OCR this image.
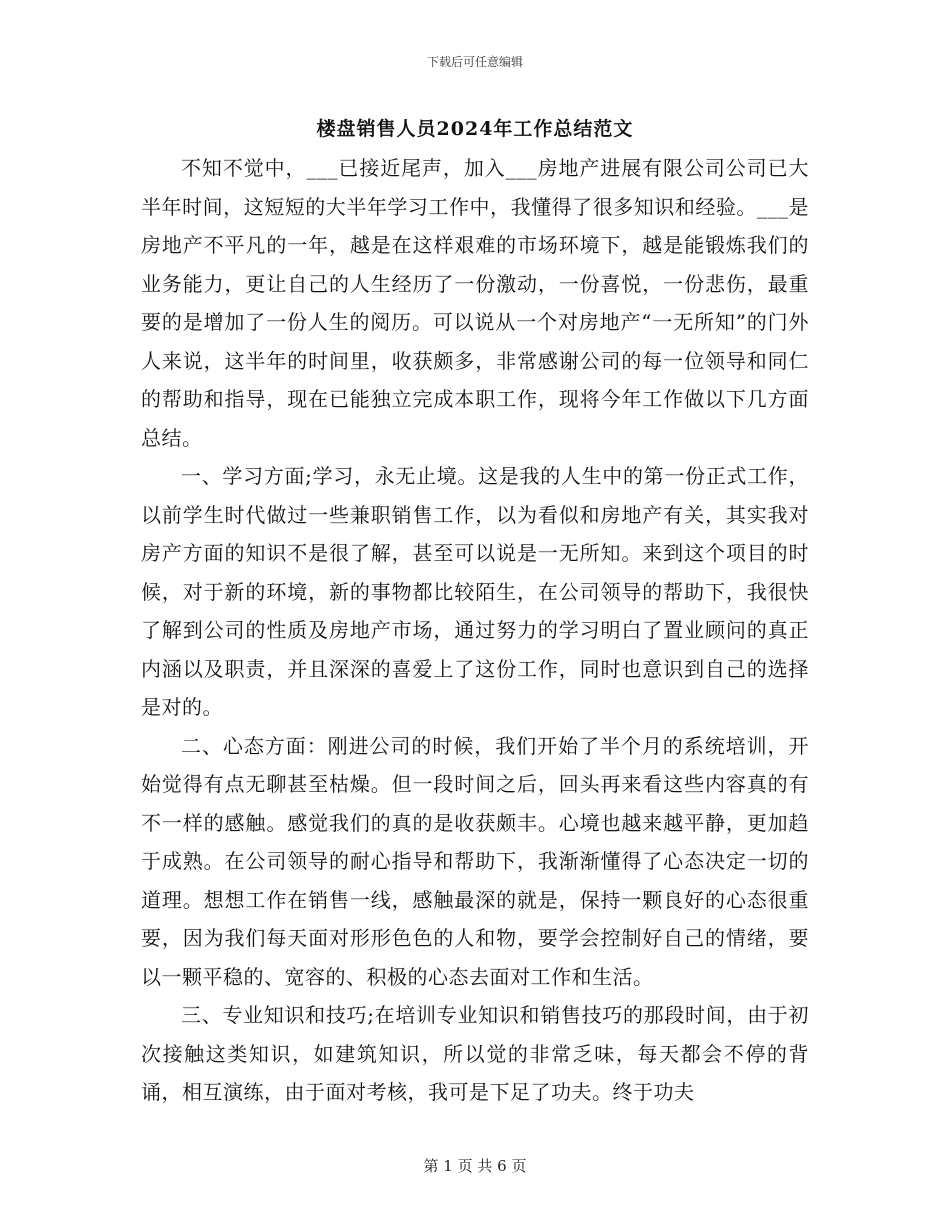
下载后可任意编辑
楼盘销售人员2024年工作总结范文

不知不觉中，___已接近尾声，加入___房地产进展有限公司公司已大半年时间，这短短的大半年学习工作中，我懂得了很多知识和经验。___是房地产不平凡的一年，越是在这样艰难的市场环境下，越是能锻炼我们的业务能力，更让自己的人生经历了一份激动，一份喜悦，一份悲伤，最重要的是增加了一份人生的阅历。可以说从一个对房地产“一无所知”的门外人来说，这半年的时间里，收获颇多，非常感谢公司的每一位领导和同仁的帮助和指导，现在已能独立完成本职工作，现将今年工作做以下几方面总结。

一、学习方面;学习，永无止境。这是我的人生中的第一份正式工作，以前学生时代做过一些兼职销售工作，以为看似和房地产有关，其实我对房产方面的知识不是很了解，甚至可以说是一无所知。来到这个项目的时候，对于新的环境，新的事物都比较陌生，在公司领导的帮助下，我很快了解到公司的性质及房地产市场，通过努力的学习明白了置业顾问的真正内涵以及职责，并且深深的喜爱上了这份工作，同时也意识到自己的选择是对的。

二、心态方面：刚进公司的时候，我们开始了半个月的系统培训，开始觉得有点无聊甚至枯燥。但一段时间之后，回头再来看这些内容真的有不一样的感触。感觉我们的真的是收获颇丰。心境也越来越平静，更加趋于成熟。在公司领导的耐心指导和帮助下，我渐渐懂得了心态决定一切的道理。想想工作在销售一线，感触最深的就是，保持一颗良好的心态很重要，因为我们每天面对形形色色的人和物，要学会控制好自己的情绪，要以一颗平稳的、宽容的、积极的心态去面对工作和生活。

三、专业知识和技巧;在培训专业知识和销售技巧的那段时间，由于初次接触这类知识，如建筑知识，所以觉的非常乏味，每天都会不停的背诵，相互演练，由于面对考核，我可是下足了功夫。终于功夫

第 1 页 共 6 页
